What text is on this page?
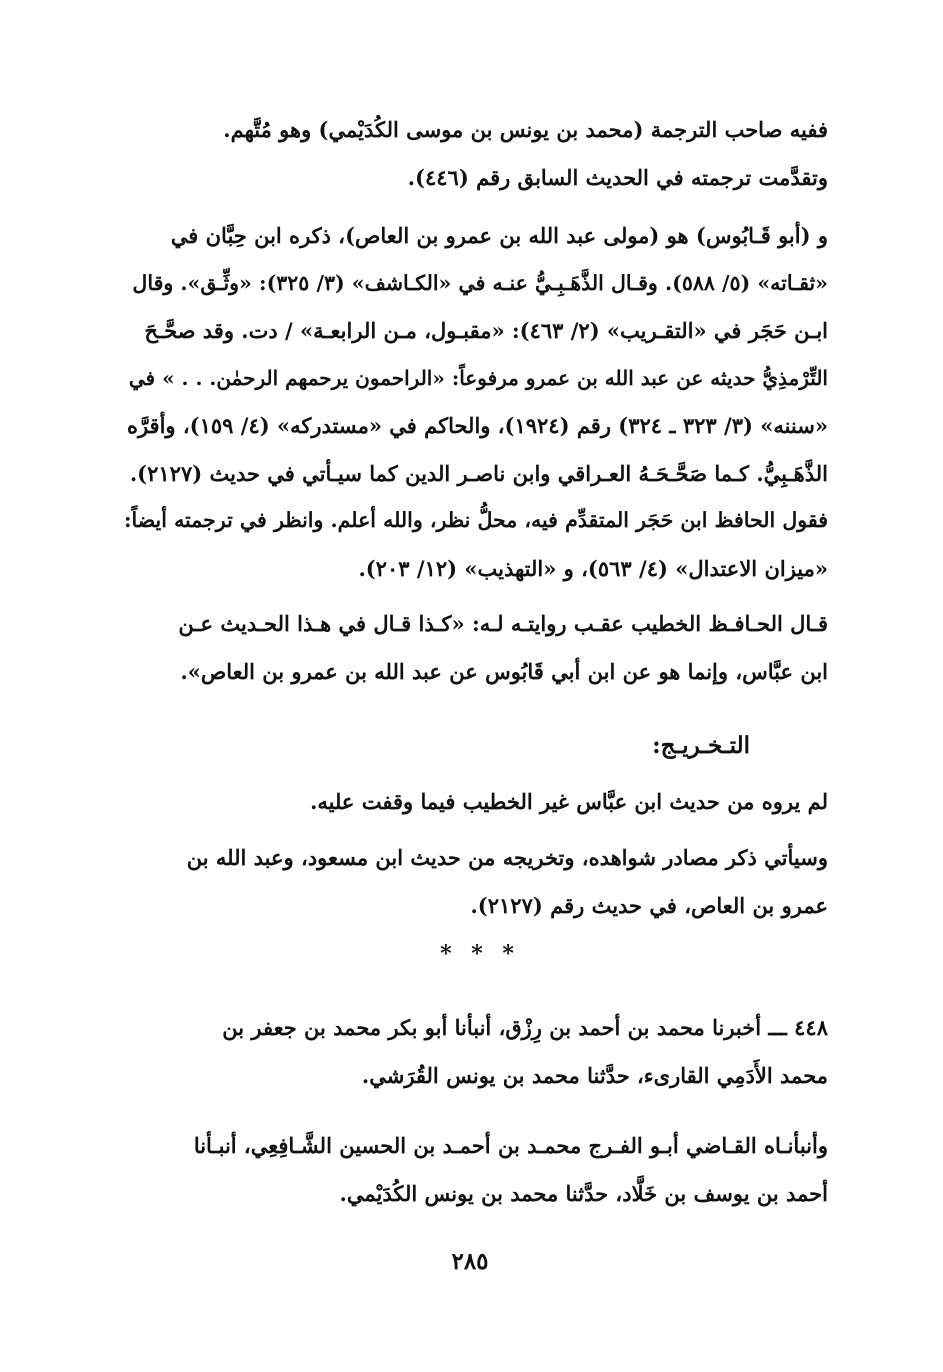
ففيه صاحب الترجمة (محمد بن يونس بن موسى الكُدَيْمي) وهو مُتَّهم.
وتقدَّمت ترجمته في الحديث السابق رقم (٤٤٦).
و (أبو قَـابُوس) هو (مولى عبد الله بن عمرو بن العاص)، ذكره ابن حِبَّان في
«ثقـاته» (٥/ ٥٨٨). وقـال الذَّهَـبِـيُّ عنـه في «الكـاشف» (٣/ ٣٢٥): «وثِّـق». وقال
ابـن حَجَر في «التقـريب» (٢/ ٤٦٣): «مقبـول، مـن الرابعـة» / دت. وقد صحَّـحَ
التِّرْمذِيُّ حديثه عن عبد الله بن عمرو مرفوعاً: «الراحمون يرحمهم الرحمٰن. . . » في
«سننه» (٣/ ٣٢٣ ـ ٣٢٤) رقم (١٩٢٤)، والحاكم في «مستدركه» (٤/ ١٥٩)، وأقرَّه
الذَّهَـبِيُّ. كـما صَحَّـحَـهُ العـراقي وابن ناصـر الدين كما سيـأتي في حديث (٢١٢٧).
فقول الحافظ ابن حَجَر المتقدِّم فيه، محلُّ نظر، والله أعلم. وانظر في ترجمته أيضاً:
«ميزان الاعتدال» (٤/ ٥٦٣)، و «التهذيب» (١٢/ ٢٠٣).
قـال الحـافـظ الخطيب عقـب روايتـه لـه: «كـذا قـال في هـذا الحـديث عـن
ابن عبَّاس، وإنما هو عن ابن أبي قَابُوس عن عبد الله بن عمرو بن العاص».
التـخـريـج:
لم يروه من حديث ابن عبَّاس غير الخطيب فيما وقفت عليه.
وسيأتي ذكر مصادر شواهده، وتخريجه من حديث ابن مسعود، وعبد الله بن
عمرو بن العاص، في حديث رقم (٢١٢٧).
* * *
٤٤٨ ـــ أخبرنا محمد بن أحمد بن رِزْق، أنبأنا أبو بكر محمد بن جعفر بن
محمد الأَدَمِي القارىء، حدَّثنا محمد بن يونس القُرَشي.
وأنبأنـاه القـاضي أبـو الفـرج محمـد بن أحمـد بن الحسين الشَّـافِعِي، أنبـأنا
أحمد بن يوسف بن خَلَّاد، حدَّثنا محمد بن يونس الكُدَيْمي.
٢٨٥
